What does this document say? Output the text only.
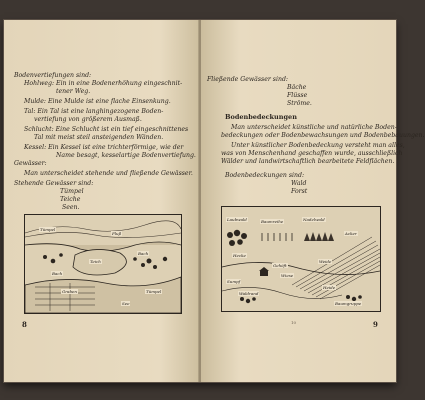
Bodenvertiefungen sind:
Hohlweg: Ein in eine Bodenerhöhung eingeschnit-
tener Weg.
Mulde: Eine Mulde ist eine flache Einsenkung.
Tal: Ein Tal ist eine langhingezogene Boden-
vertiefung von größerem Ausmaß.
Schlucht: Eine Schlucht ist ein tief eingeschnittenes
Tal mit meist steil ansteigenden Wänden.
Kessel: Ein Kessel ist eine trichterförmige, wie der
Name besagt, kesselartige Bodenvertiefung.
Gewässer:
Man unterscheidet stehende und fließende Gewässer.
Stehende Gewässer sind:
Tümpel
Teiche
Seen.
Tümpel
Fluß
Bach
Teich
Bach
Graben	Tümpel
See
8
Fließende Gewässer sind:
Bäche
Flüsse
Ströme.
Bodenbedeckungen
Man unterscheidet künstliche und natürliche Boden-
bedeckungen oder Bodenbewachsungen und Bodenbebauungen.
Unter künstlicher Bodenbedeckung versteht man alles,
was von Menschenhand geschaffen wurde, ausschließlich
Wälder und landwirtschaftlich bearbeitete Feldflächen.
Bodenbedeckungen sind:
Wald
Forst
Laubwald	Baumreihe	Nadelwald
Acker
Hecke
Weide
Wiese
Sumpf
Gehöft
Heide
Baumgruppe
Waldrand
10	9
